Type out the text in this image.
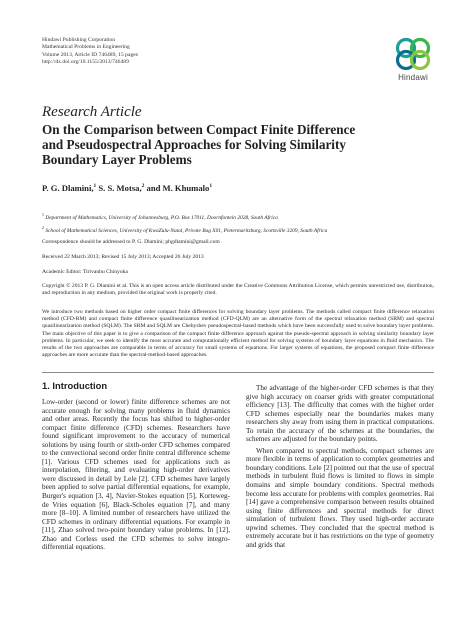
Hindawi Publishing Corporation
Mathematical Problems in Engineering
Volume 2013, Article ID 746489, 15 pages
http://dx.doi.org/10.1155/2013/746489
Hindawi
Research Article
On the Comparison between Compact Finite Difference and Pseudospectral Approaches for Solving Similarity Boundary Layer Problems
P. G. Dlamini,$^1$ S. S. Motsa,$^2$ and M. Khumalo$^1$
$^1$ Department of Mathematics, University of Johannesburg, P.O. Box 17011, Doornfontein 2028, South Africa
$^2$ School of Mathematical Sciences, University of KwaZulu-Natal, Private Bag X01, Pietermaritzburg, Scottsville 3209, South Africa
Correspondence should be addressed to P. G. Dlamini; phgdlamini@gmail.com
Received 22 March 2013; Revised 15 July 2013; Accepted 26 July 2013
Academic Editor: Tirivanhu Chinyoka
Copyright © 2013 P. G. Dlamini et al. This is an open access article distributed under the Creative Commons Attribution License, which permits unrestricted use, distribution, and reproduction in any medium, provided the original work is properly cited.
We introduce two methods based on higher order compact finite differences for solving boundary layer problems. The methods called compact finite difference relaxation method (CFD-RM) and compact finite difference quasilinearization method (CFD-QLM) are an alternative form of the spectral relaxation method (SRM) and spectral quasilinearization method (SQLM). The SRM and SQLM are Chebyshev pseudospectral-based methods which have been successfully used to solve boundary layer problems. The main objective of this paper is to give a comparison of the compact finite difference approach against the pseudo-spectral approach in solving similarity boundary layer problems. In particular, we seek to identify the most accurate and computationally efficient method for solving systems of boundary layer equations in fluid mechanics. The results of the two approaches are comparable in terms of accuracy for small systems of equations. For larger systems of equations, the proposed compact finite difference approaches are more accurate than the spectral-method-based approaches.
1. Introduction

Low-order (second or lower) finite difference schemes are not accurate enough for solving many problems in fluid dynamics and other areas. Recently the focus has shifted to higher-order compact finite difference (CFD) schemes. Researchers have found significant improvement to the accuracy of numerical solutions by using fourth or sixth-order CFD schemes compared to the convectional second order finite central difference scheme [1]. Various CFD schemes used for applications such as interpolation, filtering, and evaluating high-order derivatives were discussed in detail by Lele [2]. CFD schemes have largely been applied to solve partial differential equations, for example, Burger's equation [3, 4], Navier-Stokes equation [5], Korteweg-de Vries equation [6], Black-Scholes equation [7], and many more [8–10]. A limited number of researchers have utilized the CFD schemes in ordinary differential equations. For example in [11], Zhao solved two-point boundary value problems. In [12], Zhao and Corless used the CFD schemes to solve integro-differential equations.

The advantage of the higher-order CFD schemes is that they give high accuracy on coarser grids with greater computational efficiency [13]. The difficulty that comes with the higher order CFD schemes especially near the boundaries makes many researchers shy away from using them in practical computations. To retain the accuracy of the schemes at the boundaries, the schemes are adjusted for the boundary points.

When compared to spectral methods, compact schemes are more flexible in terms of application to complex geometries and boundary conditions. Lele [2] pointed out that the use of spectral methods in turbulent fluid flows is limited to flows in simple domains and simple boundary conditions. Spectral methods become less accurate for problems with complex geometries. Rai [14] gave a comprehensive comparison between results obtained using finite differences and spectral methods for direct simulation of turbulent flows. They used high-order accurate upwind schemes. They concluded that the spectral method is extremely accurate but it has restrictions on the type of geometry and grids that
